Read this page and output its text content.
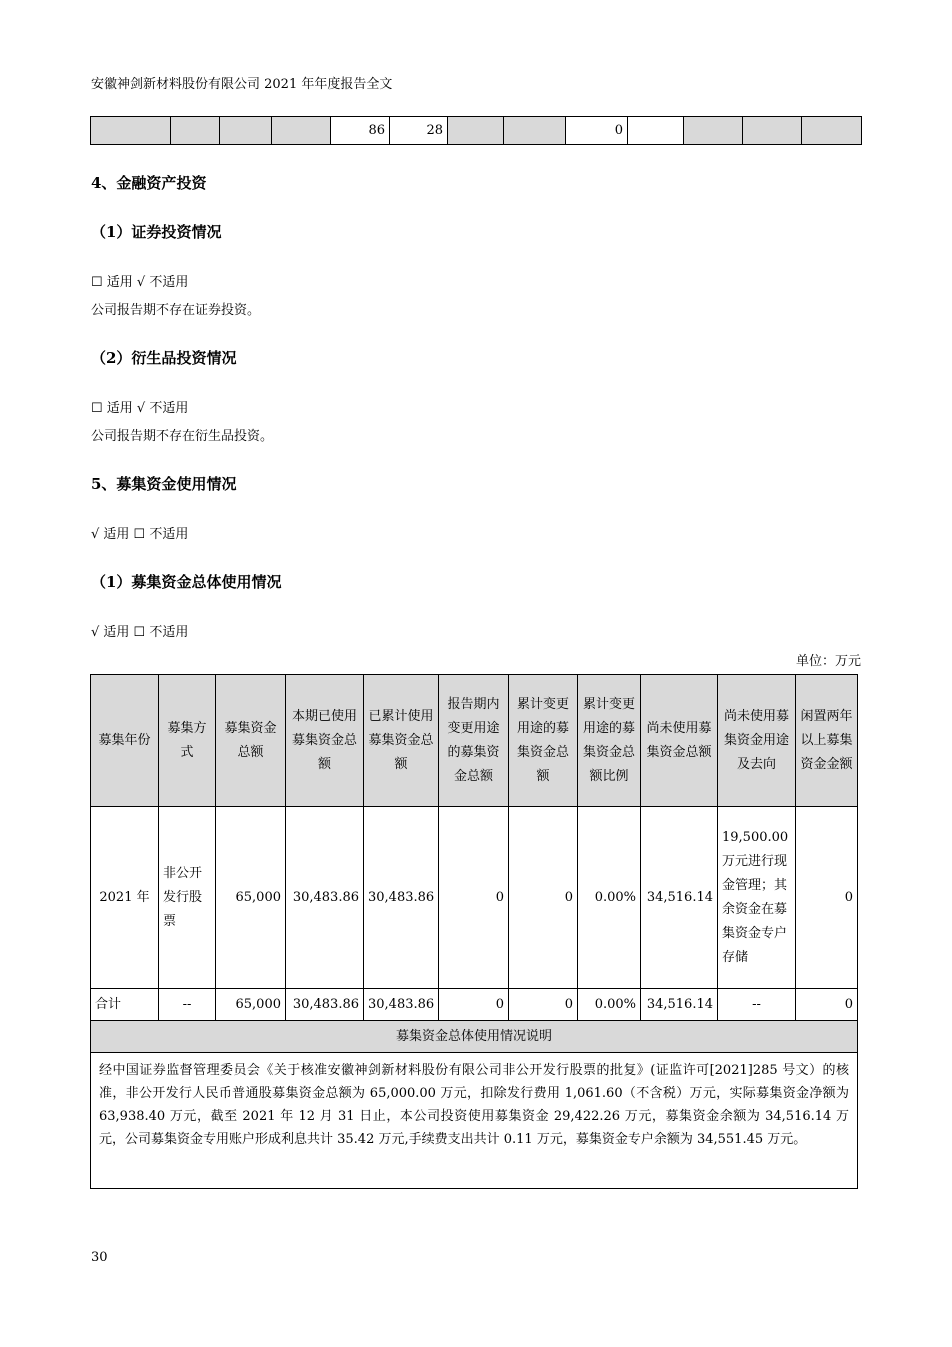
安徽神剑新材料股份有限公司 2021 年年度报告全文
				86	28			0				
4、金融资产投资
（1）证券投资情况
☐ 适用 √ 不适用
公司报告期不存在证券投资。
（2）衍生品投资情况
☐ 适用 √ 不适用
公司报告期不存在衍生品投资。
5、募集资金使用情况
√ 适用 ☐ 不适用
（1）募集资金总体使用情况
√ 适用 ☐ 不适用
单位：万元
募集年份	募集方式	募集资金总额	本期已使用募集资金总额	已累计使用募集资金总额	报告期内变更用途的募集资金总额	累计变更用途的募集资金总额	累计变更用途的募集资金总额比例	尚未使用募集资金总额	尚未使用募集资金用途及去向	闲置两年以上募集资金金额
2021 年	非公开发行股票	65,000	30,483.86	30,483.86	0	0	0.00%	34,516.14	19,500.00 万元进行现金管理；其余资金在募集资金专户存储	0
合计	--	65,000	30,483.86	30,483.86	0	0	0.00%	34,516.14	--	0
募集资金总体使用情况说明										
经中国证券监督管理委员会《关于核准安徽神剑新材料股份有限公司非公开发行股票的批复》(证监许可[2021]285 号文）的核准，非公开发行人民币普通股募集资金总额为 65,000.00 万元，扣除发行费用 1,061.60（不含税）万元，实际募集资金净额为 63,938.40 万元，截至 2021 年 12 月 31 日止，本公司投资使用募集资金 29,422.26 万元，募集资金余额为 34,516.14 万元，公司募集资金专用账户形成利息共计 35.42 万元,手续费支出共计 0.11 万元，募集资金专户余额为 34,551.45 万元。										
30
